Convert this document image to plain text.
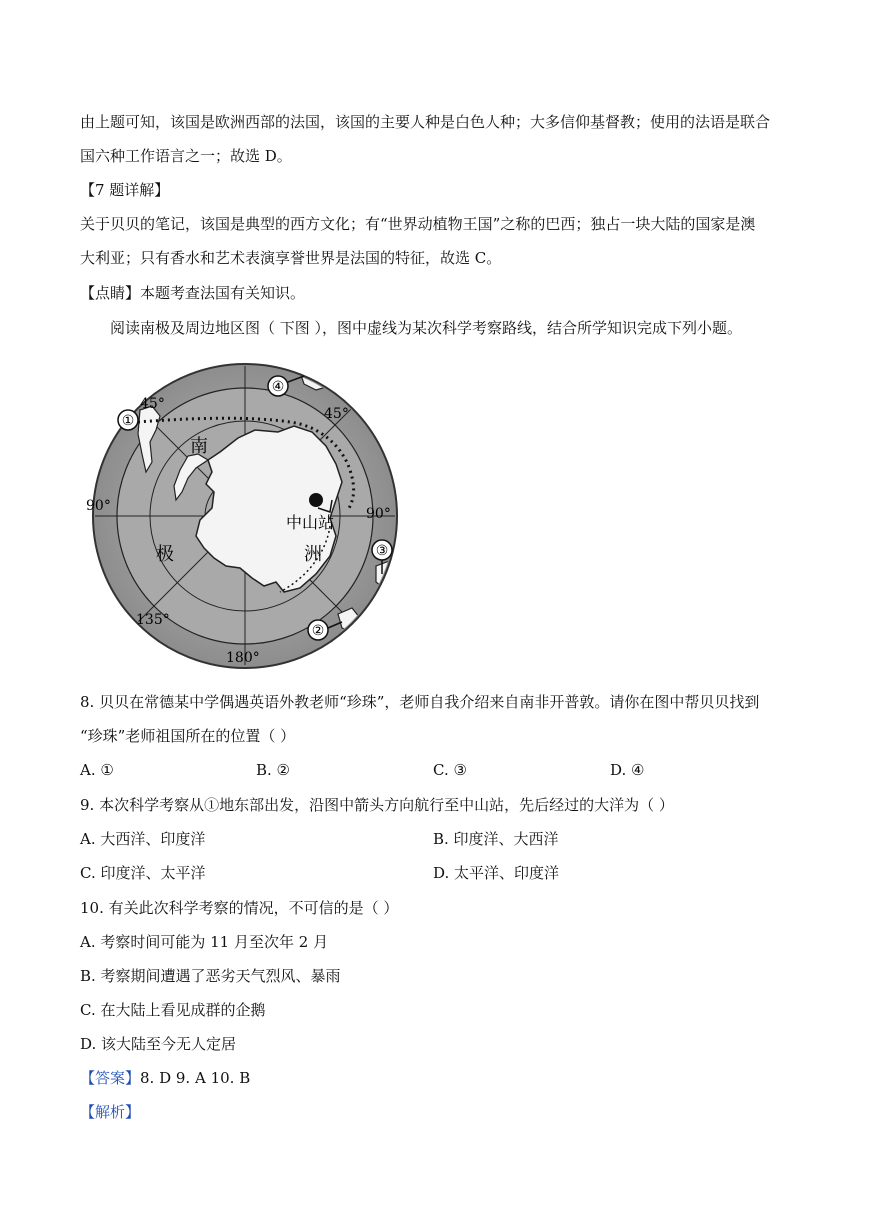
由上题可知，该国是欧洲西部的法国，该国的主要人种是白色人种；大多信仰基督教；使用的法语是联合
国六种工作语言之一；故选 D。
【7 题详解】
关于贝贝的笔记，该国是典型的西方文化；有“世界动植物王国”之称的巴西；独占一块大陆的国家是澳
大利亚；只有香水和艺术表演享誉世界是法国的特征，故选 C。
【点睛】本题考查法国有关知识。
阅读南极及周边地区图（ 下图 ），图中虚线为某次科学考察路线，结合所学知识完成下列小题。
④
①
③
②
45°
45°
90°	90°
135°
180°
南
极	洲
中山站
8. 贝贝在常德某中学偶遇英语外教老师“珍珠”，老师自我介绍来自南非开普敦。请你在图中帮贝贝找到
“珍珠”老师祖国所在的位置（ ）
A. ①	B. ②	C. ③	D. ④
9. 本次科学考察从①地东部出发，沿图中箭头方向航行至中山站，先后经过的大洋为（ ）
A. 大西洋、印度洋	B. 印度洋、大西洋
C. 印度洋、太平洋	D. 太平洋、印度洋
10. 有关此次科学考察的情况，不可信的是（ ）
A. 考察时间可能为 11 月至次年 2 月
B. 考察期间遭遇了恶劣天气烈风、暴雨
C. 在大陆上看见成群的企鹅
D. 该大陆至今无人定居
【答案】8. D 9. A 10. B
【解析】
